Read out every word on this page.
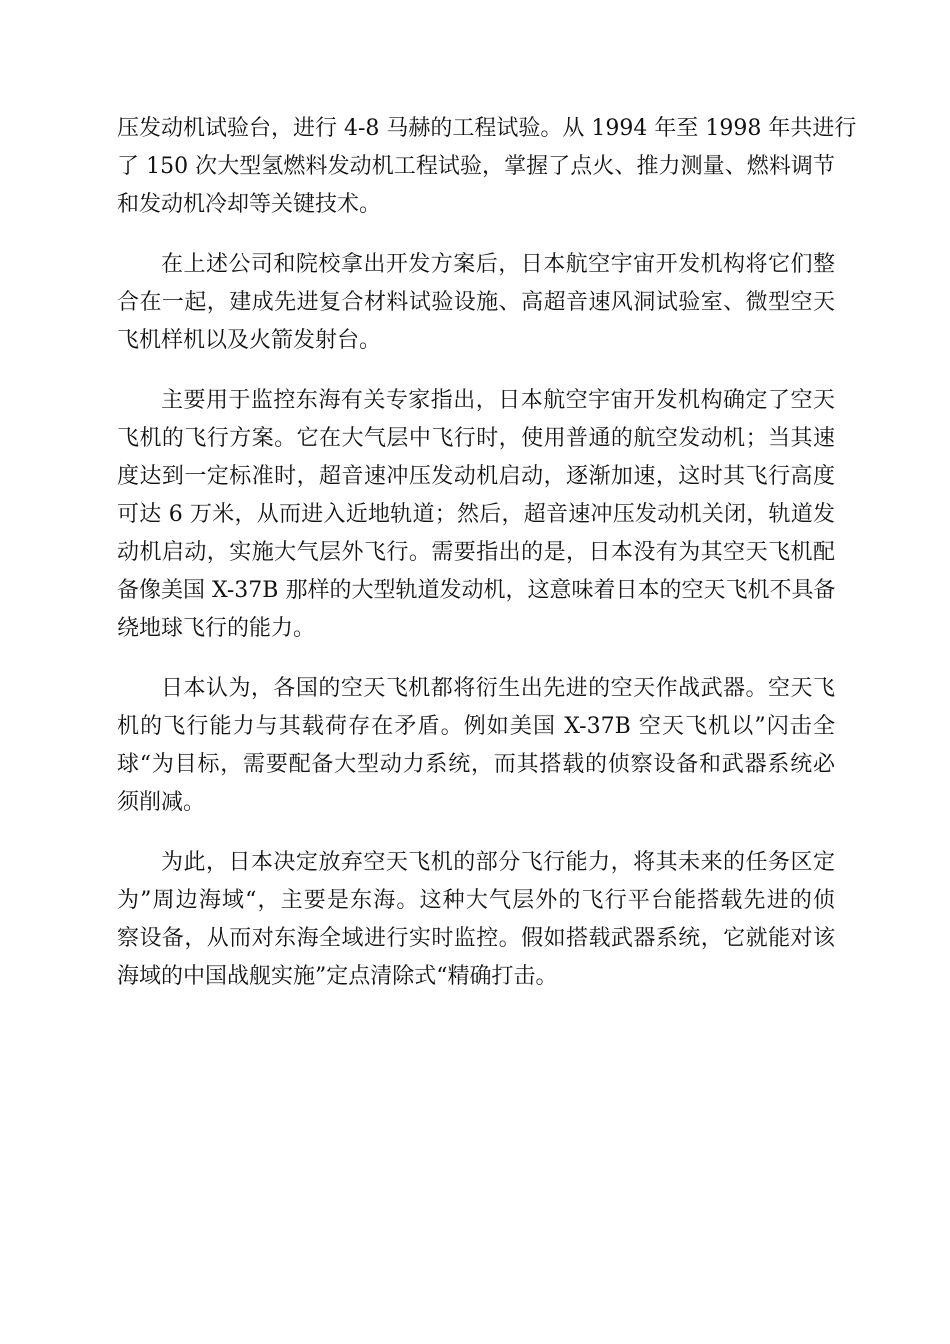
压发动机试验台，进行 4-8 马赫的工程试验。从 1994 年至 1998 年共进行
了 150 次大型氢燃料发动机工程试验，掌握了点火、推力测量、燃料调节
和发动机冷却等关键技术。

在上述公司和院校拿出开发方案后，日本航空宇宙开发机构将它们整
合在一起，建成先进复合材料试验设施、高超音速风洞试验室、微型空天
飞机样机以及火箭发射台。

主要用于监控东海有关专家指出，日本航空宇宙开发机构确定了空天
飞机的飞行方案。它在大气层中飞行时，使用普通的航空发动机；当其速
度达到一定标准时，超音速冲压发动机启动，逐渐加速，这时其飞行高度
可达 6 万米，从而进入近地轨道；然后，超音速冲压发动机关闭，轨道发
动机启动，实施大气层外飞行。需要指出的是，日本没有为其空天飞机配
备像美国 X-37B 那样的大型轨道发动机，这意味着日本的空天飞机不具备
绕地球飞行的能力。

日本认为，各国的空天飞机都将衍生出先进的空天作战武器。空天飞
机的飞行能力与其载荷存在矛盾。例如美国 X-37B 空天飞机以”闪击全
球“为目标，需要配备大型动力系统，而其搭载的侦察设备和武器系统必
须削减。

为此，日本决定放弃空天飞机的部分飞行能力，将其未来的任务区定
为”周边海域“，主要是东海。这种大气层外的飞行平台能搭载先进的侦
察设备，从而对东海全域进行实时监控。假如搭载武器系统，它就能对该
海域的中国战舰实施”定点清除式“精确打击。
